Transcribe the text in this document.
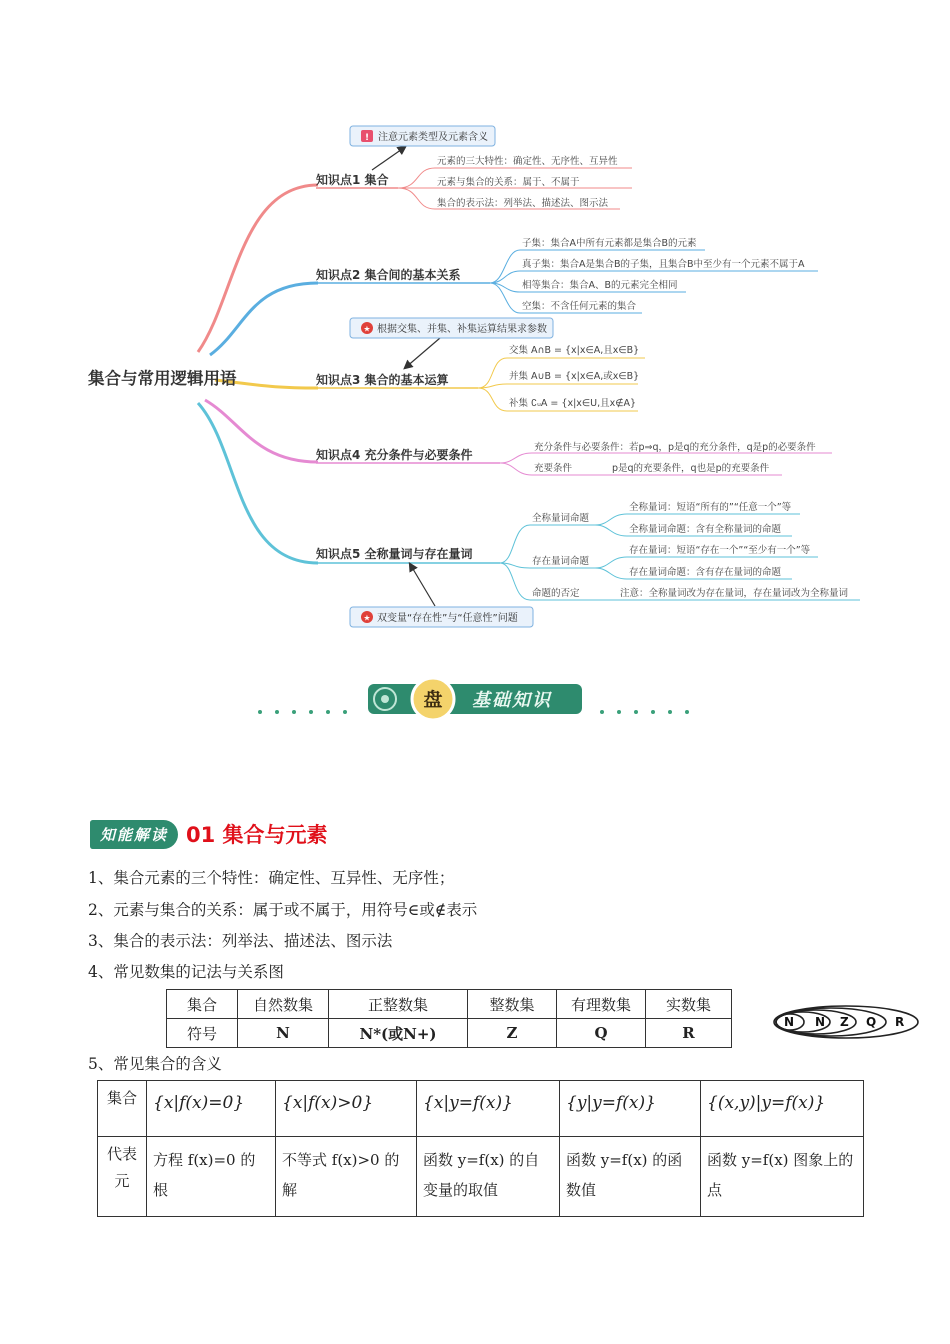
! 注意元素类型及元素含义
★ 根据交集、并集、补集运算结果求参数
★ 双变量“存在性”与“任意性”问题
集合与常用逻辑用语
知识点1 集合
知识点2 集合间的基本关系
知识点3 集合的基本运算
知识点4 充分条件与必要条件
知识点5 全称量词与存在量词
元素的三大特性：确定性、无序性、互异性
元素与集合的关系：属于、不属于
集合的表示法：列举法、描述法、图示法
子集：集合A中所有元素都是集合B的元素
真子集：集合A是集合B的子集，且集合B中至少有一个元素不属于A
相等集合：集合A、B的元素完全相同
空集：不含任何元素的集合
交集 A∩B = {x|x∈A,且x∈B}
并集 A∪B = {x|x∈A,或x∈B}
补集 ∁ᵤA = {x|x∈U,且x∉A}
充分条件与必要条件：若p⇒q，p是q的充分条件，q是p的必要条件
充要条件	p是q的充要条件，q也是p的充要条件
全称量词命题
存在量词命题
命题的否定
全称量词：短语“所有的”“任意一个”等
全称量词命题：含有全称量词的命题
存在量词：短语“存在一个”“至少有一个”等
存在量词命题：含有存在量词的命题
注意：全称量词改为存在量词，存在量词改为全称量词
盘 基础知识
知能解读 01 集合与元素
1、集合元素的三个特性：确定性、互异性、无序性；
2、元素与集合的关系：属于或不属于，用符号∈或∉表示
3、集合的表示法：列举法、描述法、图示法
4、常见数集的记法与关系图
集合	自然数集	正整数集	整数集	有理数集	实数集
符号	N	N*(或N+)	Z	Q	R
N N Z Q R
5、常见集合的含义
集合	{x|f(x)=0}	{x|f(x)>0}	{x|y=f(x)}	{y|y=f(x)}	{(x,y)|y=f(x)}
代表元	方程 f(x)=0 的根	不等式 f(x)>0 的解	函数 y=f(x) 的自变量的取值	函数 y=f(x) 的函数值	函数 y=f(x) 图象上的点
